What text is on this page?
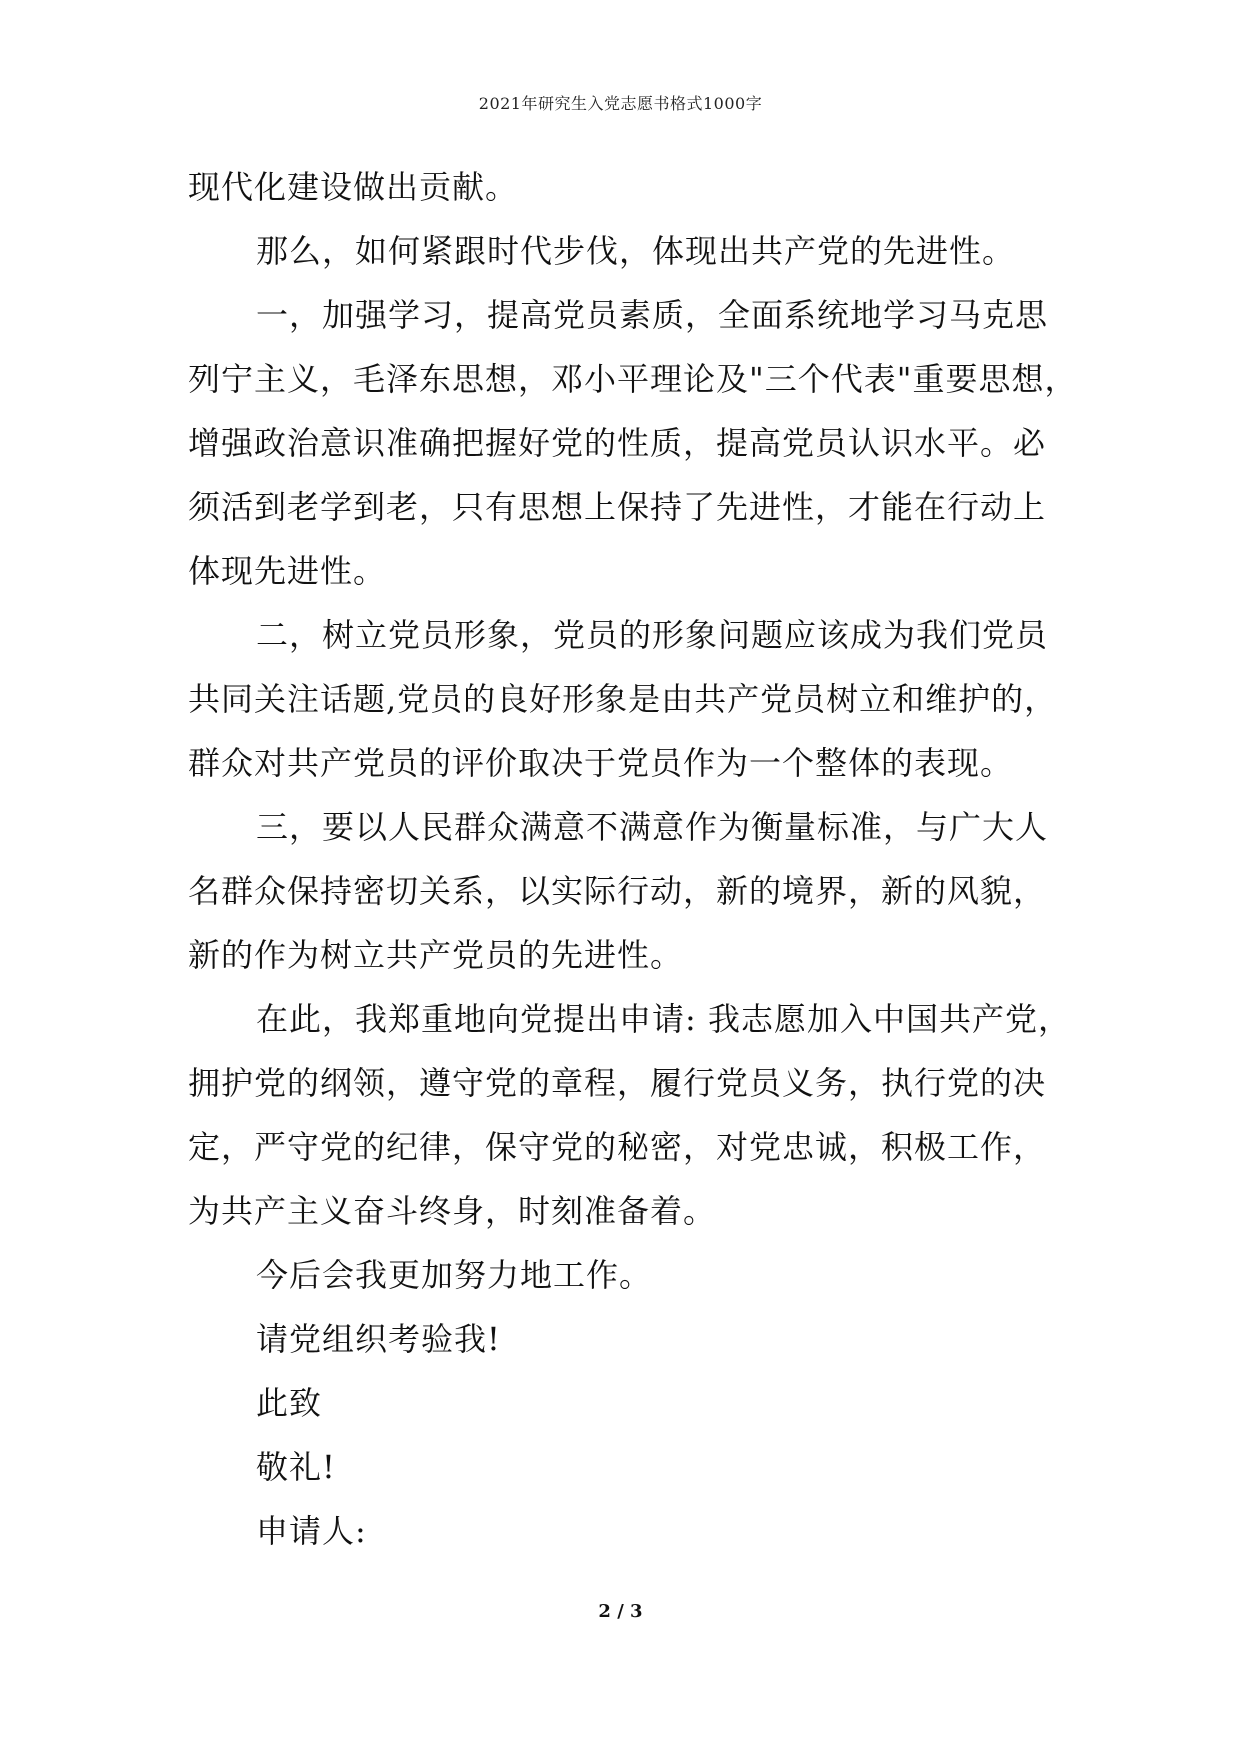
2021年研究生入党志愿书格式1000字
现代化建设做出贡献。
那么，如何紧跟时代步伐，体现出共产党的先进性。
一，加强学习，提高党员素质，全面系统地学习马克思
列宁主义，毛泽东思想，邓小平理论及"三个代表"重要思想，
增强政治意识准确把握好党的性质，提高党员认识水平。必
须活到老学到老，只有思想上保持了先进性，才能在行动上
体现先进性。
二，树立党员形象，党员的形象问题应该成为我们党员
共同关注话题,党员的良好形象是由共产党员树立和维护的，
群众对共产党员的评价取决于党员作为一个整体的表现。
三，要以人民群众满意不满意作为衡量标准，与广大人
名群众保持密切关系，以实际行动，新的境界，新的风貌，
新的作为树立共产党员的先进性。
在此，我郑重地向党提出申请: 我志愿加入中国共产党，
拥护党的纲领，遵守党的章程，履行党员义务，执行党的决
定，严守党的纪律，保守党的秘密，对党忠诚，积极工作，
为共产主义奋斗终身，时刻准备着。
今后会我更加努力地工作。
请党组织考验我!
此致
敬礼!
申请人:
2 / 3
